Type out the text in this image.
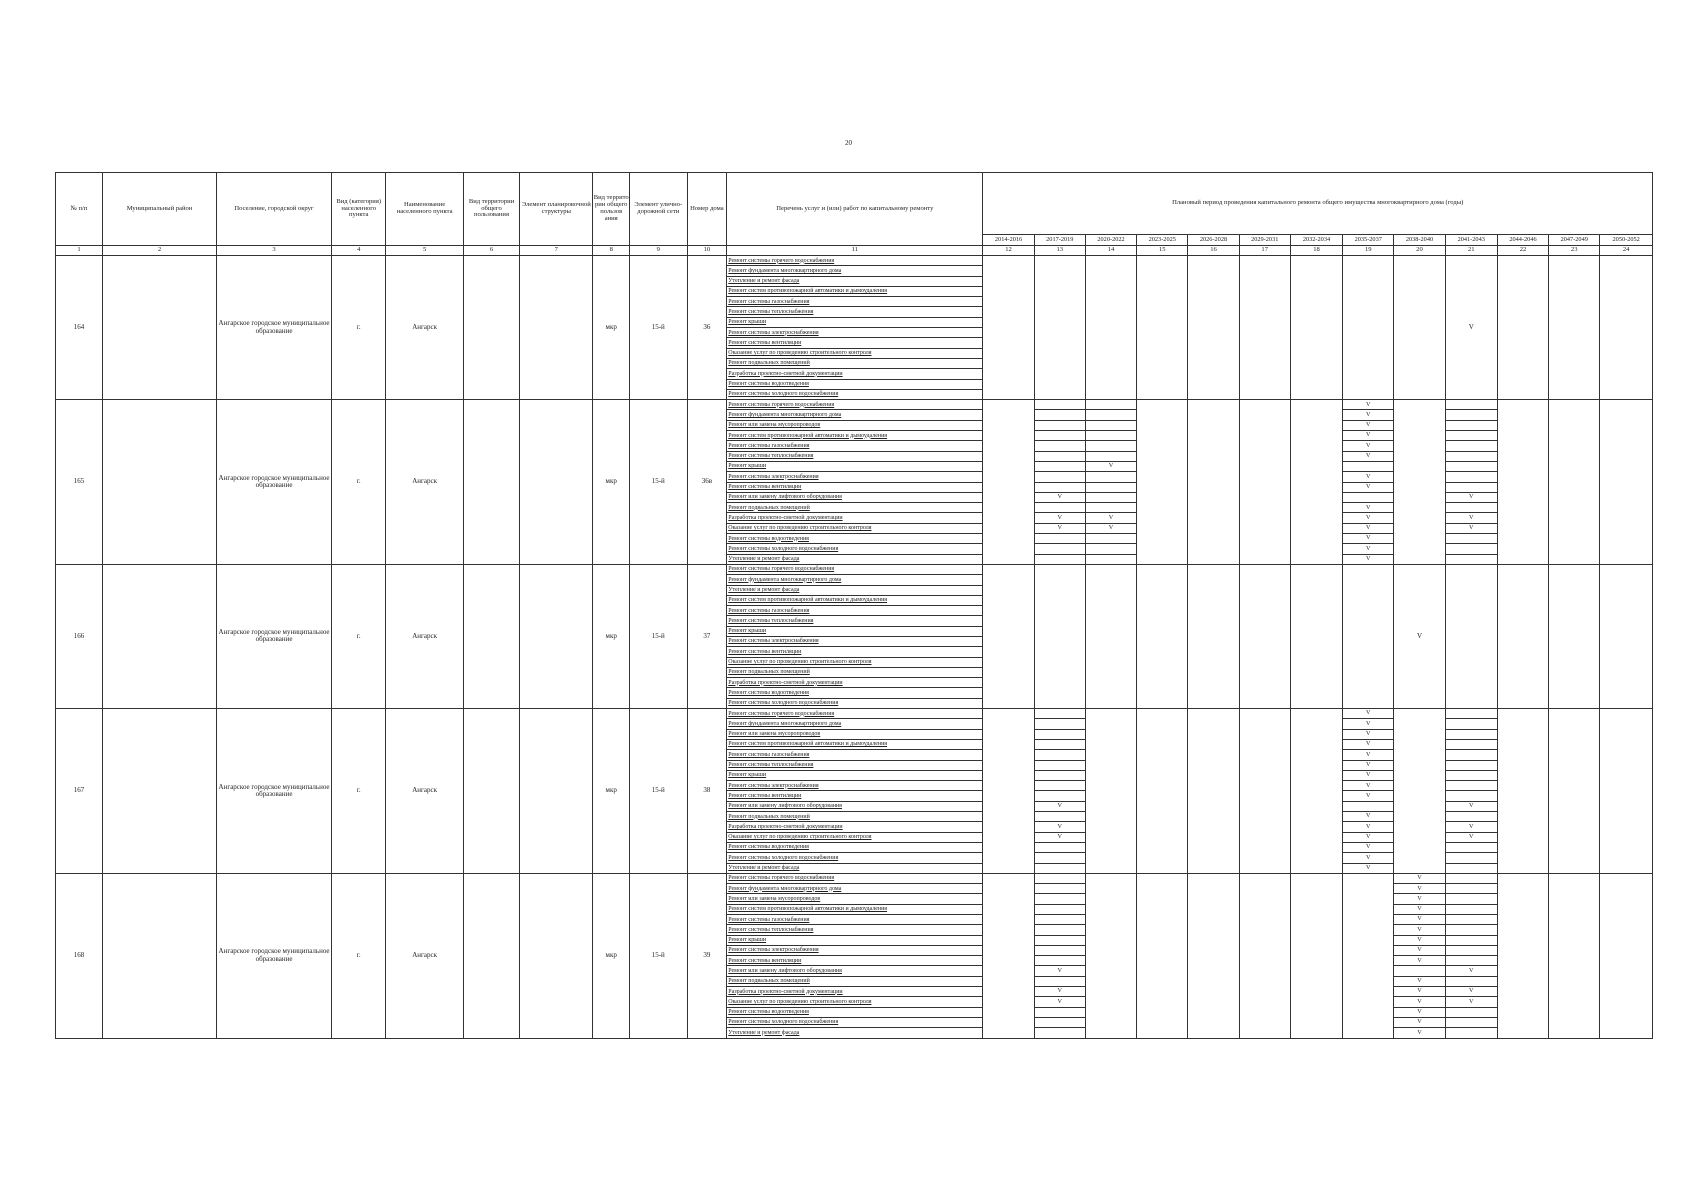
20
№ п/п	Муниципальный район	Поселение, городской округ	Вид (категория) населенного пункта	Наименование населенного пункта	Вид территории общего пользования	Элемент планировочной структуры	Вид террито рии общего пользов ания	Элемент улично-дорожной сети	Номер дома	Перечень услуг и (или) работ по капитальному ремонту	Плановый период проведения капитального ремонта общего имущества многоквартирного дома (годы)												
											2014-2016	2017-2019	2020-2022	2023-2025	2026-2028	2029-2031	2032-2034	2035-2037	2038-2040	2041-2043	2044-2046	2047-2049	2050-2052
1	2	3	4	5	6	7	8	9	10	11	12	13	14	15	16	17	18	19	20	21	22	23	24
164		Ангарское городское муниципальное образование	г.	Ангарск			мкр	15-й	36	Ремонт системы горячего водоснабжения										V			
										Ремонт фундамента многоквартирного дома													
										Утепление и ремонт фасада													
										Ремонт систем противопожарной автоматики и дымоудаления													
										Ремонт системы газоснабжения													
										Ремонт системы теплоснабжения													
										Ремонт крыши													
										Ремонт системы электроснабжения													
										Ремонт системы вентиляции													
										Оказание услуг по проведению строительного контроля													
										Ремонт подвальных помещений													
										Разработка проектно-сметной документации													
										Ремонт системы водоотведения													
										Ремонт системы холодного водоснабжения													
165		Ангарское городское муниципальное образование	г.	Ангарск			мкр	15-й	36в	Ремонт системы горячего водоснабжения								V					
										Ремонт фундамента многоквартирного дома								V					
										Ремонт или замена мусоропроводов								V					
										Ремонт систем противопожарной автоматики и дымоудаления								V					
										Ремонт системы газоснабжения								V					
										Ремонт системы теплоснабжения								V					
										Ремонт крыши			V										
										Ремонт системы электроснабжения								V					
										Ремонт системы вентиляции								V					
										Ремонт или замену лифтового оборудования		V								V			
										Ремонт подвальных помещений								V					
										Разработка проектно-сметной документации		V	V					V		V			
										Оказание услуг по проведению строительного контроля		V	V					V		V			
										Ремонт системы водоотведения								V					
										Ремонт системы холодного водоснабжения								V					
										Утепление и ремонт фасада								V					
166		Ангарское городское муниципальное образование	г.	Ангарск			мкр	15-й	37	Ремонт системы горячего водоснабжения									V				
										Ремонт фундамента многоквартирного дома													
										Утепление и ремонт фасада													
										Ремонт систем противопожарной автоматики и дымоудаления													
										Ремонт системы газоснабжения													
										Ремонт системы теплоснабжения													
										Ремонт крыши													
										Ремонт системы электроснабжения													
										Ремонт системы вентиляции													
										Оказание услуг по проведению строительного контроля													
										Ремонт подвальных помещений													
										Разработка проектно-сметной документации													
										Ремонт системы водоотведения													
										Ремонт системы холодного водоснабжения													
167		Ангарское городское муниципальное образование	г.	Ангарск			мкр	15-й	38	Ремонт системы горячего водоснабжения								V					
										Ремонт фундамента многоквартирного дома								V					
										Ремонт или замена мусоропроводов								V					
										Ремонт систем противопожарной автоматики и дымоудаления								V					
										Ремонт системы газоснабжения								V					
										Ремонт системы теплоснабжения								V					
										Ремонт крыши								V					
										Ремонт системы электроснабжения								V					
										Ремонт системы вентиляции								V					
										Ремонт или замену лифтового оборудования		V								V			
										Ремонт подвальных помещений								V					
										Разработка проектно-сметной документации		V						V		V			
										Оказание услуг по проведению строительного контроля		V						V		V			
										Ремонт системы водоотведения								V					
										Ремонт системы холодного водоснабжения								V					
										Утепление и ремонт фасада								V					
168		Ангарское городское муниципальное образование	г.	Ангарск			мкр	15-й	39	Ремонт системы горячего водоснабжения									V				
										Ремонт фундамента многоквартирного дома									V				
										Ремонт или замена мусоропроводов									V				
										Ремонт систем противопожарной автоматики и дымоудаления									V				
										Ремонт системы газоснабжения									V				
										Ремонт системы теплоснабжения									V				
										Ремонт крыши									V				
										Ремонт системы электроснабжения									V				
										Ремонт системы вентиляции									V				
										Ремонт или замену лифтового оборудования		V								V			
										Ремонт подвальных помещений									V				
										Разработка проектно-сметной документации		V							V	V			
										Оказание услуг по проведению строительного контроля		V							V	V			
										Ремонт системы водоотведения									V				
										Ремонт системы холодного водоснабжения									V				
										Утепление и ремонт фасада									V				
